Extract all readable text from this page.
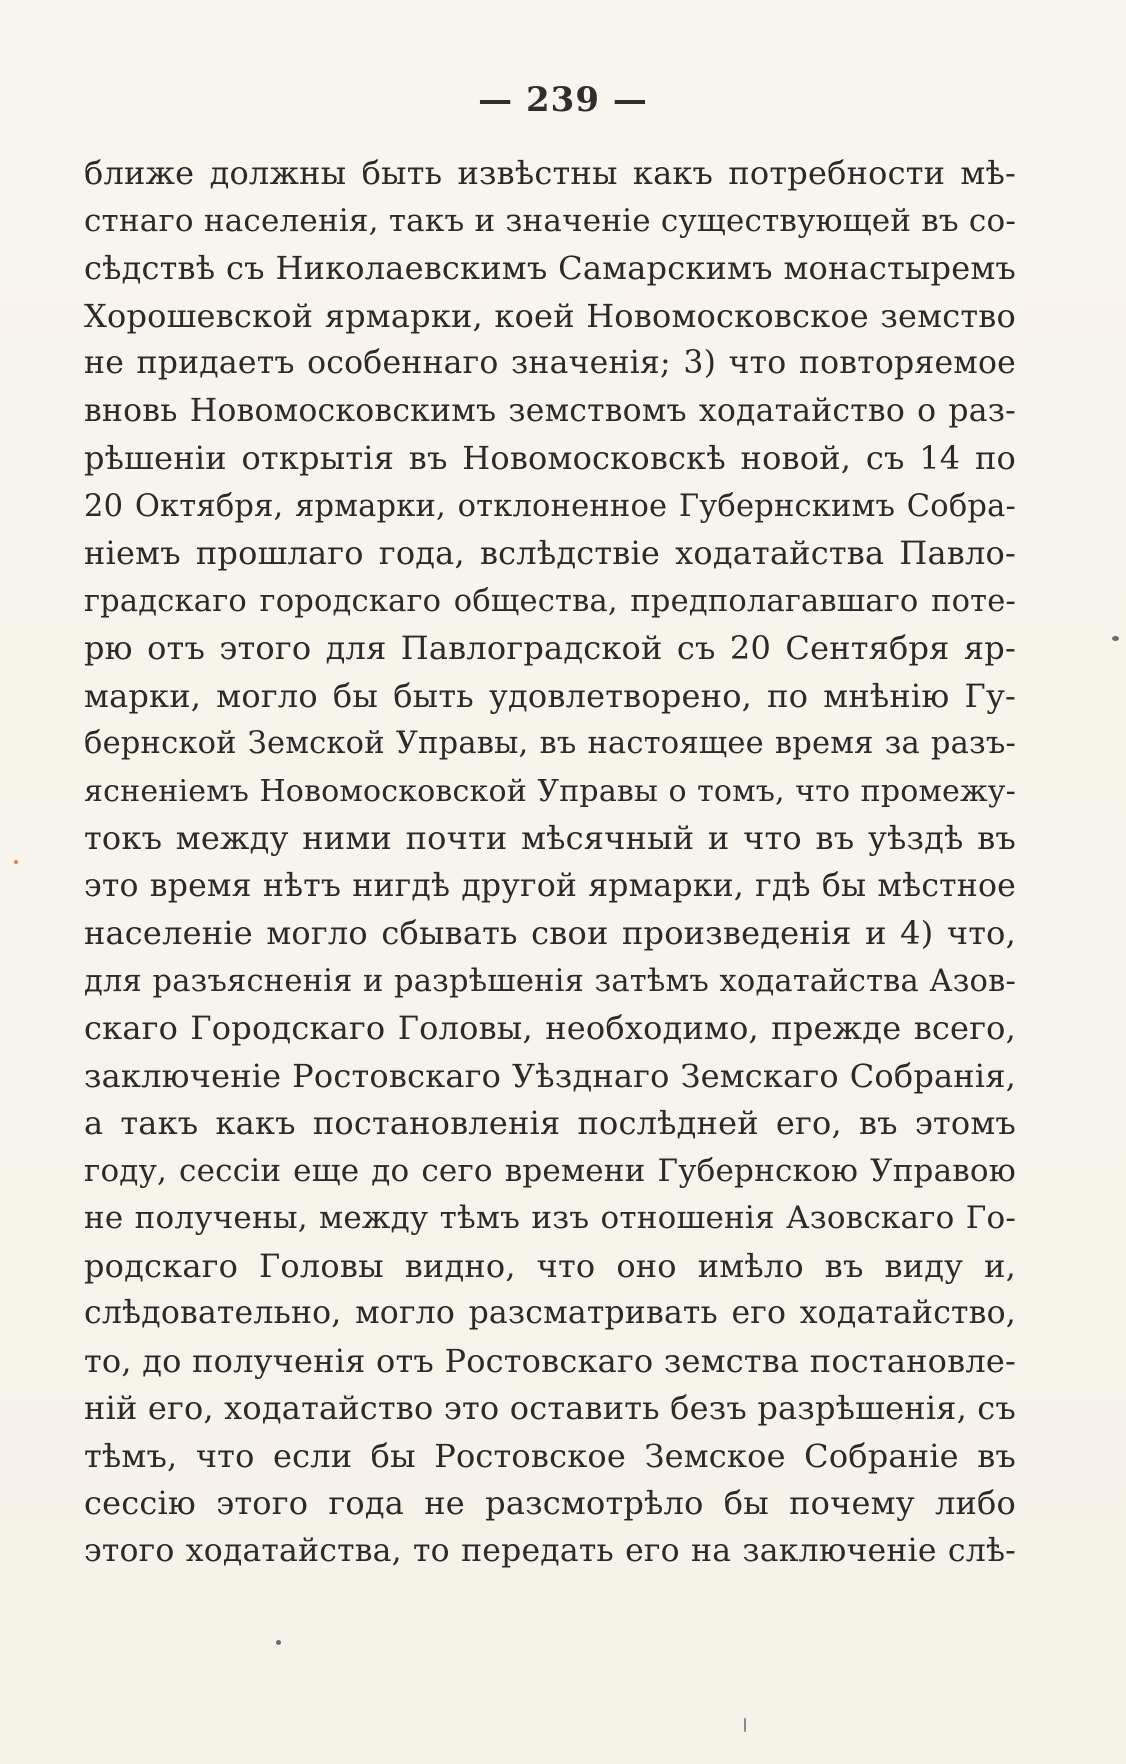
— 239 —
ближе должны быть извѣстны какъ потребности мѣ-
стнаго населенія, такъ и значеніе существующей въ со-
сѣдствѣ съ Николаевскимъ Самарскимъ монастыремъ
Хорошевской ярмарки, коей Новомосковское земство
не придаетъ особеннаго значенія; 3) что повторяемое
вновь Новомосковскимъ земствомъ ходатайство о раз-
рѣшеніи открытія въ Новомосковскѣ новой, съ 14 по
20 Октября, ярмарки, отклоненное Губернскимъ Собра-
ніемъ прошлаго года, вслѣдствіе ходатайства Павло-
градскаго городскаго общества, предполагавшаго поте-
рю отъ этого для Павлоградской съ 20 Сентября яр-
марки, могло бы быть удовлетворено, по мнѣнію Гу-
бернской Земской Управы, въ настоящее время за разъ-
ясненіемъ Новомосковской Управы о томъ, что промежу-
токъ между ними почти мѣсячный и что въ уѣздѣ въ
это время нѣтъ нигдѣ другой ярмарки, гдѣ бы мѣстное
населеніе могло сбывать свои произведенія и 4) что,
для разъясненія и разрѣшенія затѣмъ ходатайства Азов-
скаго Городскаго Головы, необходимо, прежде всего,
заключеніе Ростовскаго Уѣзднаго Земскаго Собранія,
а такъ какъ постановленія послѣдней его, въ этомъ
году, сессіи еще до сего времени Губернскою Управою
не получены, между тѣмъ изъ отношенія Азовскаго Го-
родскаго Головы видно, что оно имѣло въ виду и,
слѣдовательно, могло разсматривать его ходатайство,
то, до полученія отъ Ростовскаго земства постановле-
ній его, ходатайство это оставить безъ разрѣшенія, съ
тѣмъ, что если бы Ростовское Земское Собраніе въ
сессію этого года не разсмотрѣло бы почему либо
этого ходатайства, то передать его на заключеніе слѣ-
